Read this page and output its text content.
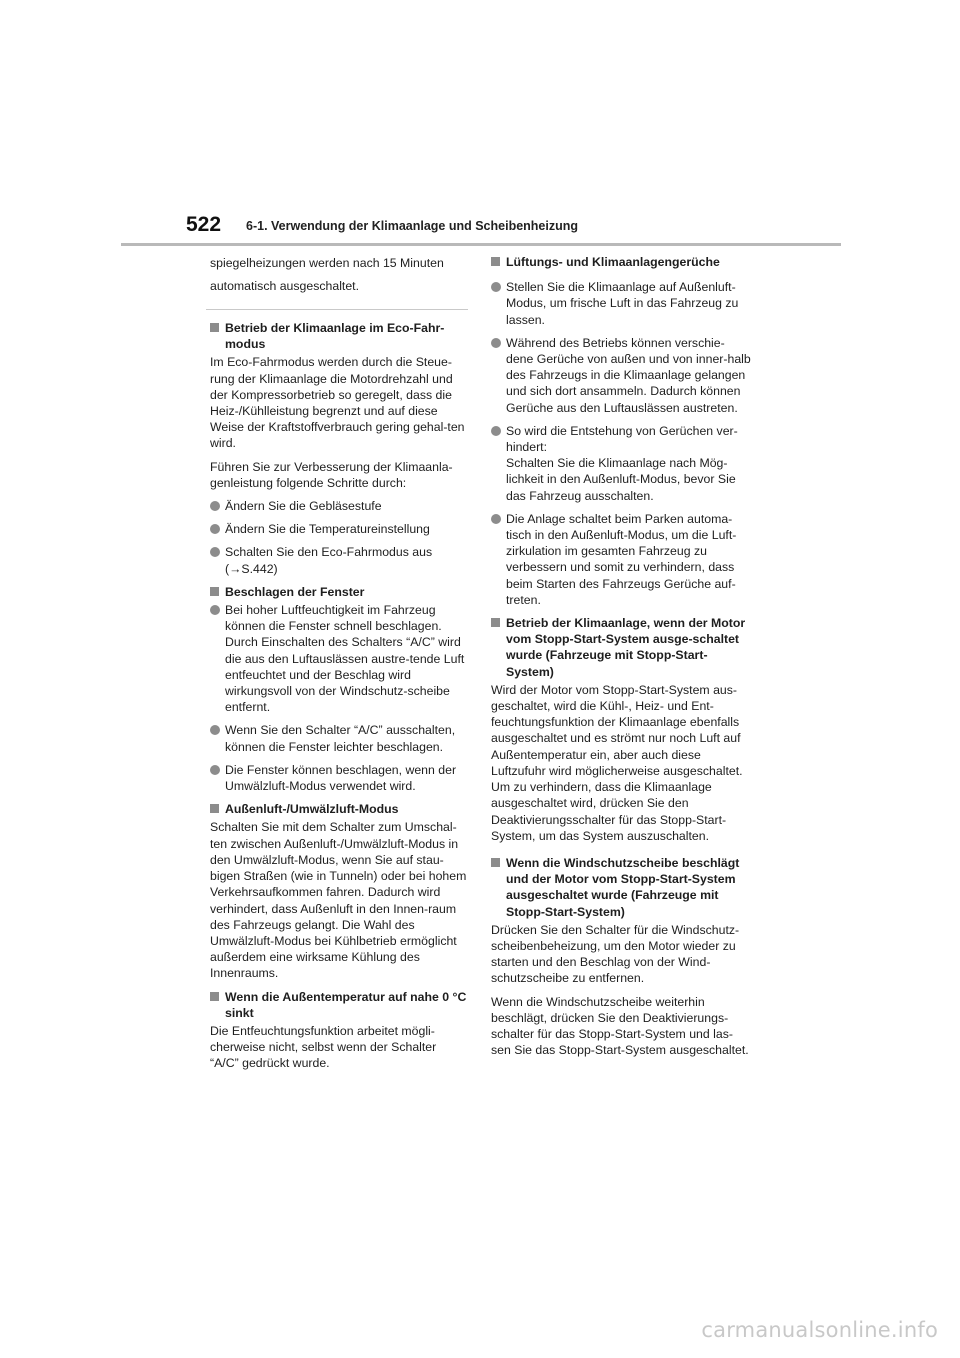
522 6-1. Verwendung der Klimaanlage und Scheibenheizung

spiegelheizungen werden nach 15 Minuten

automatisch ausgeschaltet.

Betrieb der Klimaanlage im Eco-Fahr-modus

Im Eco-Fahrmodus werden durch die Steue-rung der Klimaanlage die Motordrehzahl und der Kompressorbetrieb so geregelt, dass die Heiz-/Kühlleistung begrenzt und auf diese Weise der Kraftstoffverbrauch gering gehal-ten wird.

Führen Sie zur Verbesserung der Klimaanla-genleistung folgende Schritte durch:

Ändern Sie die Gebläsestufe
Ändern Sie die Temperatureinstellung
Schalten Sie den Eco-Fahrmodus aus (→S.442)
Beschlagen der Fenster
Bei hoher Luftfeuchtigkeit im Fahrzeug können die Fenster schnell beschlagen. Durch Einschalten des Schalters “A/C” wird die aus den Luftauslässen austre-tende Luft entfeuchtet und der Beschlag wird wirkungsvoll von der Windschutz-scheibe entfernt.
Wenn Sie den Schalter “A/C” ausschalten, können die Fenster leichter beschlagen.
Die Fenster können beschlagen, wenn der Umwälzluft-Modus verwendet wird.
Außenluft-/Umwälzluft-Modus

Schalten Sie mit dem Schalter zum Umschal-ten zwischen Außenluft-/Umwälzluft-Modus in den Umwälzluft-Modus, wenn Sie auf stau-bigen Straßen (wie in Tunneln) oder bei hohem Verkehrsaufkommen fahren. Dadurch wird verhindert, dass Außenluft in den Innen-raum des Fahrzeugs gelangt. Die Wahl des Umwälzluft-Modus bei Kühlbetrieb ermöglicht außerdem eine wirksame Kühlung des Innenraums.

Wenn die Außentemperatur auf nahe 0 °C sinkt

Die Entfeuchtungsfunktion arbeitet mögli-cherweise nicht, selbst wenn der Schalter “A/C” gedrückt wurde.

Lüftungs- und Klimaanlagengerüche
Stellen Sie die Klimaanlage auf Außenluft-Modus, um frische Luft in das Fahrzeug zu lassen.
Während des Betriebs können verschie-dene Gerüche von außen und von inner-halb des Fahrzeugs in die Klimaanlage gelangen und sich dort ansammeln. Dadurch können Gerüche aus den Luftauslässen austreten.
So wird die Entstehung von Gerüchen ver-hindert:
Schalten Sie die Klimaanlage nach Mög-lichkeit in den Außenluft-Modus, bevor Sie das Fahrzeug ausschalten.
Die Anlage schaltet beim Parken automa-tisch in den Außenluft-Modus, um die Luft-zirkulation im gesamten Fahrzeug zu verbessern und somit zu verhindern, dass beim Starten des Fahrzeugs Gerüche auf-treten.
Betrieb der Klimaanlage, wenn der Motor vom Stopp-Start-System ausge-schaltet wurde (Fahrzeuge mit Stopp-Start-System)

Wird der Motor vom Stopp-Start-System aus-geschaltet, wird die Kühl-, Heiz- und Ent-feuchtungsfunktion der Klimaanlage ebenfalls ausgeschaltet und es strömt nur noch Luft auf Außentemperatur ein, aber auch diese Luftzufuhr wird möglicherweise ausgeschaltet. Um zu verhindern, dass die Klimaanlage ausgeschaltet wird, drücken Sie den Deaktivierungsschalter für das Stopp-Start-System, um das System auszuschalten.

Wenn die Windschutzscheibe beschlägt und der Motor vom Stopp-Start-System ausgeschaltet wurde (Fahrzeuge mit Stopp-Start-System)

Drücken Sie den Schalter für die Windschutz-scheibenbeheizung, um den Motor wieder zu starten und den Beschlag von der Wind-schutzscheibe zu entfernen.

Wenn die Windschutzscheibe weiterhin beschlägt, drücken Sie den Deaktivierungs-schalter für das Stopp-Start-System und las-sen Sie das Stopp-Start-System ausgeschaltet.

carmanualsonline.info
